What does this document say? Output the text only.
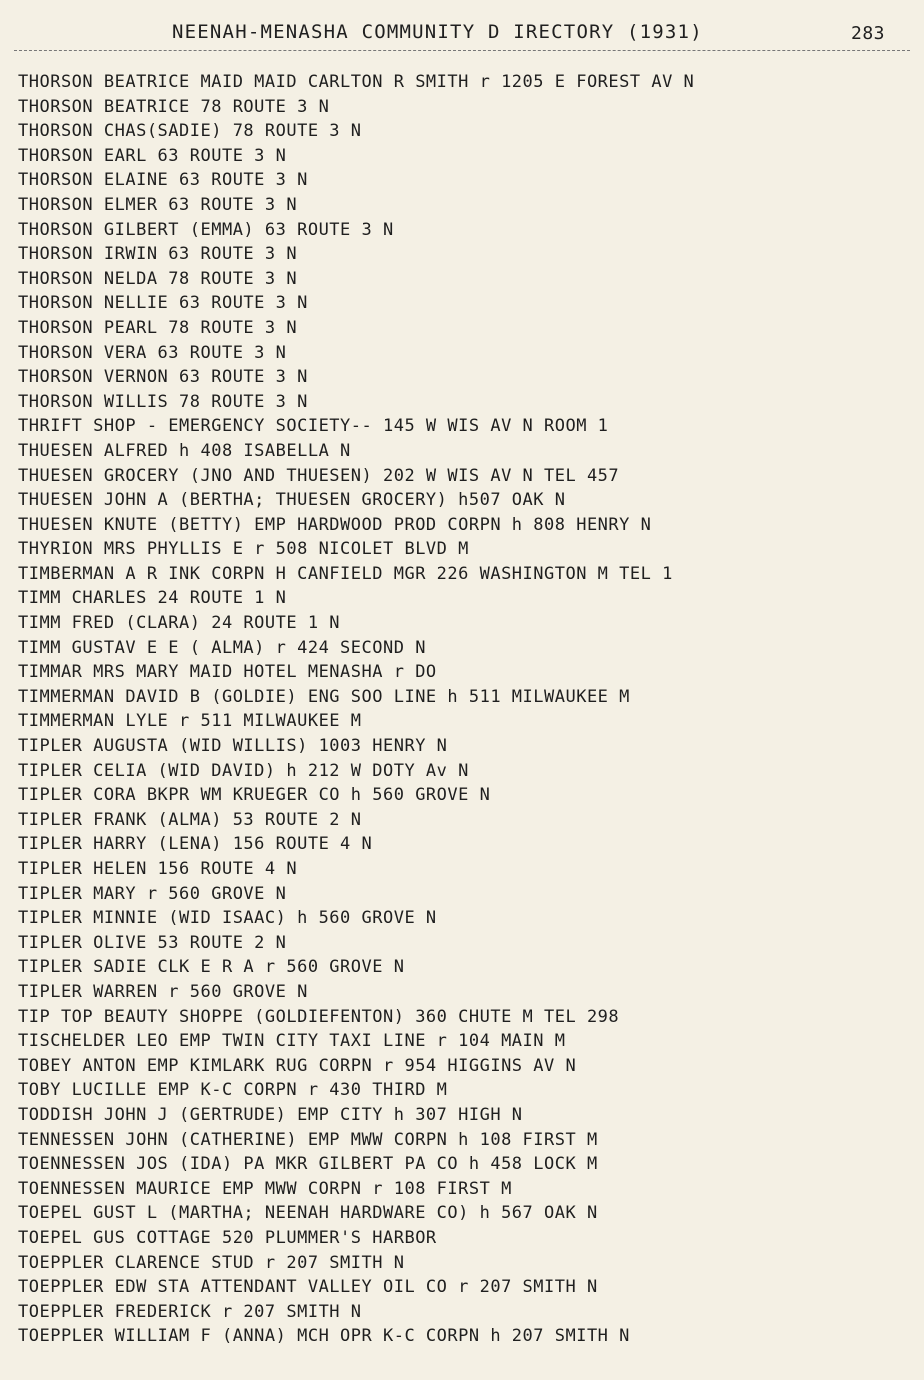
NEENAH-MENASHA COMMUNITY D IRECTORY (1931)	283
THORSON BEATRICE MAID MAID CARLTON R SMITH r 1205 E FOREST AV N
THORSON BEATRICE 78 ROUTE 3 N
THORSON CHAS(SADIE) 78 ROUTE 3 N
THORSON EARL 63 ROUTE 3 N
THORSON ELAINE 63 ROUTE 3 N
THORSON ELMER 63 ROUTE 3 N
THORSON GILBERT (EMMA) 63 ROUTE 3 N
THORSON IRWIN 63 ROUTE 3 N
THORSON NELDA 78 ROUTE 3 N
THORSON NELLIE 63 ROUTE 3 N
THORSON PEARL 78 ROUTE 3 N
THORSON VERA 63 ROUTE 3 N
THORSON VERNON 63 ROUTE 3 N
THORSON WILLIS 78 ROUTE 3 N
THRIFT SHOP - EMERGENCY SOCIETY-- 145 W WIS AV N ROOM 1
THUESEN ALFRED h 408 ISABELLA N
THUESEN GROCERY (JNO AND THUESEN) 202 W WIS AV N TEL 457
THUESEN JOHN A (BERTHA; THUESEN GROCERY) h507 OAK N
THUESEN KNUTE (BETTY) EMP HARDWOOD PROD CORPN h 808 HENRY N
THYRION MRS PHYLLIS E r 508 NICOLET BLVD M
TIMBERMAN A R INK CORPN H CANFIELD MGR 226 WASHINGTON M TEL 1
TIMM CHARLES 24 ROUTE 1 N
TIMM FRED (CLARA) 24 ROUTE 1 N
TIMM GUSTAV E E ( ALMA) r 424 SECOND N
TIMMAR MRS MARY MAID HOTEL MENASHA r DO
TIMMERMAN DAVID B (GOLDIE) ENG SOO LINE h 511 MILWAUKEE M
TIMMERMAN LYLE r 511 MILWAUKEE M
TIPLER AUGUSTA (WID WILLIS) 1003 HENRY N
TIPLER CELIA (WID DAVID) h 212 W DOTY Av N
TIPLER CORA BKPR WM KRUEGER CO h 560 GROVE N
TIPLER FRANK (ALMA) 53 ROUTE 2 N
TIPLER HARRY (LENA) 156 ROUTE 4 N
TIPLER HELEN 156 ROUTE 4 N
TIPLER MARY r 560 GROVE N
TIPLER MINNIE (WID ISAAC) h 560 GROVE N
TIPLER OLIVE 53 ROUTE 2 N
TIPLER SADIE CLK E R A r 560 GROVE N
TIPLER WARREN r 560 GROVE N
TIP TOP BEAUTY SHOPPE (GOLDIEFENTON) 360 CHUTE M TEL 298
TISCHELDER LEO EMP TWIN CITY TAXI LINE r 104 MAIN M
TOBEY ANTON EMP KIMLARK RUG CORPN r 954 HIGGINS AV N
TOBY LUCILLE EMP K-C CORPN r 430 THIRD M
TODDISH JOHN J (GERTRUDE) EMP CITY h 307 HIGH N
TENNESSEN JOHN (CATHERINE) EMP MWW CORPN h 108 FIRST M
TOENNESSEN JOS (IDA) PA MKR GILBERT PA CO h 458 LOCK M
TOENNESSEN MAURICE EMP MWW CORPN r 108 FIRST M
TOEPEL GUST L (MARTHA; NEENAH HARDWARE CO) h 567 OAK N
TOEPEL GUS COTTAGE 520 PLUMMER'S HARBOR
TOEPPLER CLARENCE STUD r 207 SMITH N
TOEPPLER EDW STA ATTENDANT VALLEY OIL CO r 207 SMITH N
TOEPPLER FREDERICK r 207 SMITH N
TOEPPLER WILLIAM F (ANNA) MCH OPR K-C CORPN h 207 SMITH N
